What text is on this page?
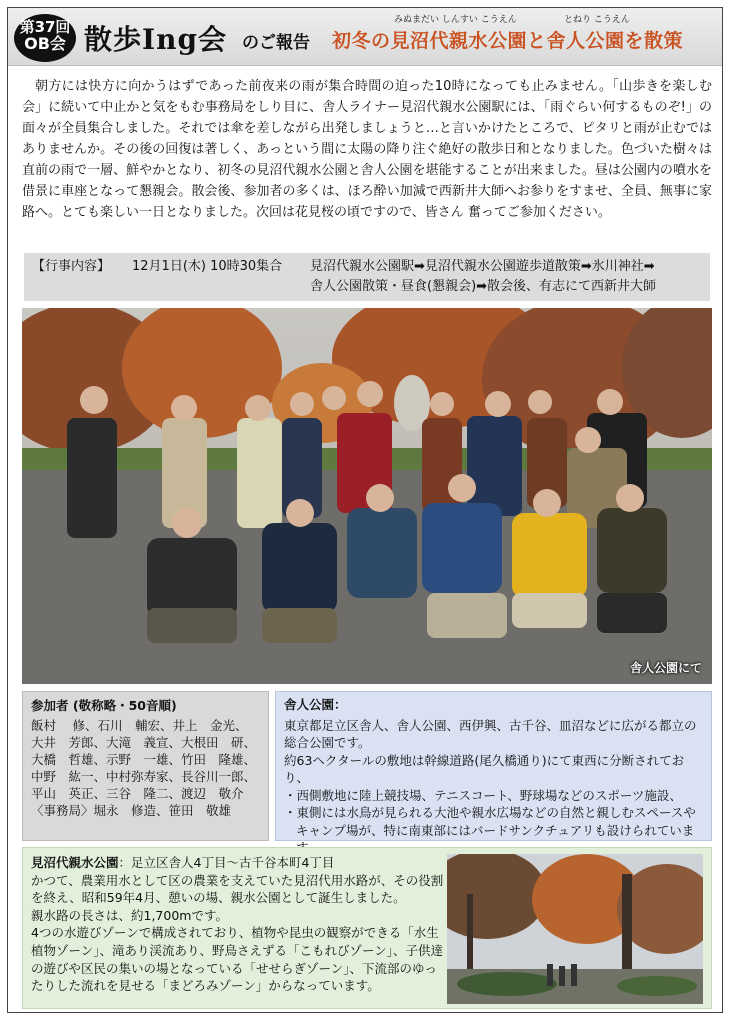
第37回
OB会 散歩Ing会 のご報告
みぬまだい しんすい こうえん	とねり こうえん
初冬の見沼代親水公園と舎人公園を散策

朝方には快方に向かうはずであった前夜来の雨が集合時間の迫った10時になっても止みません。「山歩きを楽しむ会」に続いて中止かと気をもむ事務局をしり目に、舎人ライナー見沼代親水公園駅には、「雨ぐらい何するものぞ!」の面々が全員集合しました。それでは傘を差しながら出発しましょうと…と言いかけたところで、ピタリと雨が止むではありませんか。その後の回復は著しく、あっという間に太陽の降り注ぐ絶好の散歩日和となりました。色づいた樹々は直前の雨で一層、鮮やかとなり、初冬の見沼代親水公園と舎人公園を堪能することが出来ました。昼は公園内の噴水を借景に車座となって懇親会。散会後、参加者の多くは、ほろ酔い加減で西新井大師へお参りをすませ、全員、無事に家路へ。とても楽しい一日となりました。次回は花見桜の頃ですので、皆さん 奮ってご参加ください。

【行事内容】 12月1日(木) 10時30集合 見沼代親水公園駅➡見沼代親水公園遊歩道散策➡氷川神社➡
舎人公園散策・昼食(懇親会)➡散会後、有志にて西新井大師
舎人公園にて
参加者 (敬称略・50音順)
飯村　 修、石川　輔宏、井上　金光、
大井　芳郎、大滝　義宣、大根田　研、
大橋　哲雄、示野　一雄、竹田　隆雄、
中野　紘一、中村弥寿家、長谷川一郎、
平山　英正、三谷　隆二、渡辺　敬介
〈事務局〉堀永　修造、笹田　敬雄
舎人公園：
東京都足立区舎人、舎人公園、西伊興、古千谷、皿沼などに広がる都立の総合公園です。
約63ヘクタールの敷地は幹線道路(尾久橋通り)にて東西に分断されており、
・西側敷地に陸上競技場、テニスコート、野球場などのスポーツ施設、
・東側には水鳥が見られる大池や親水広場などの自然と親しむスペースやキャンプ場が、特に南東部にはバードサンクチュアリも設けられていま
見沼代親水公園：足立区舎人4丁目～古千谷本町4丁目
かつて、農業用水として区の農業を支えていた見沼代用水路が、その役割を終え、昭和59年4月、憩いの場、親水公園として誕生しました。
親水路の長さは、約1,700mです。
4つの水遊びゾーンで構成されており、植物や昆虫の観察ができる「水生植物ゾーン」、滝あり渓流あり、野鳥さえずる「こもれびゾーン」、子供達の遊びや区民の集いの場となっている「せせらぎゾーン」、下流部のゆったりした流れを見せる「まどろみゾーン」からなっています。
